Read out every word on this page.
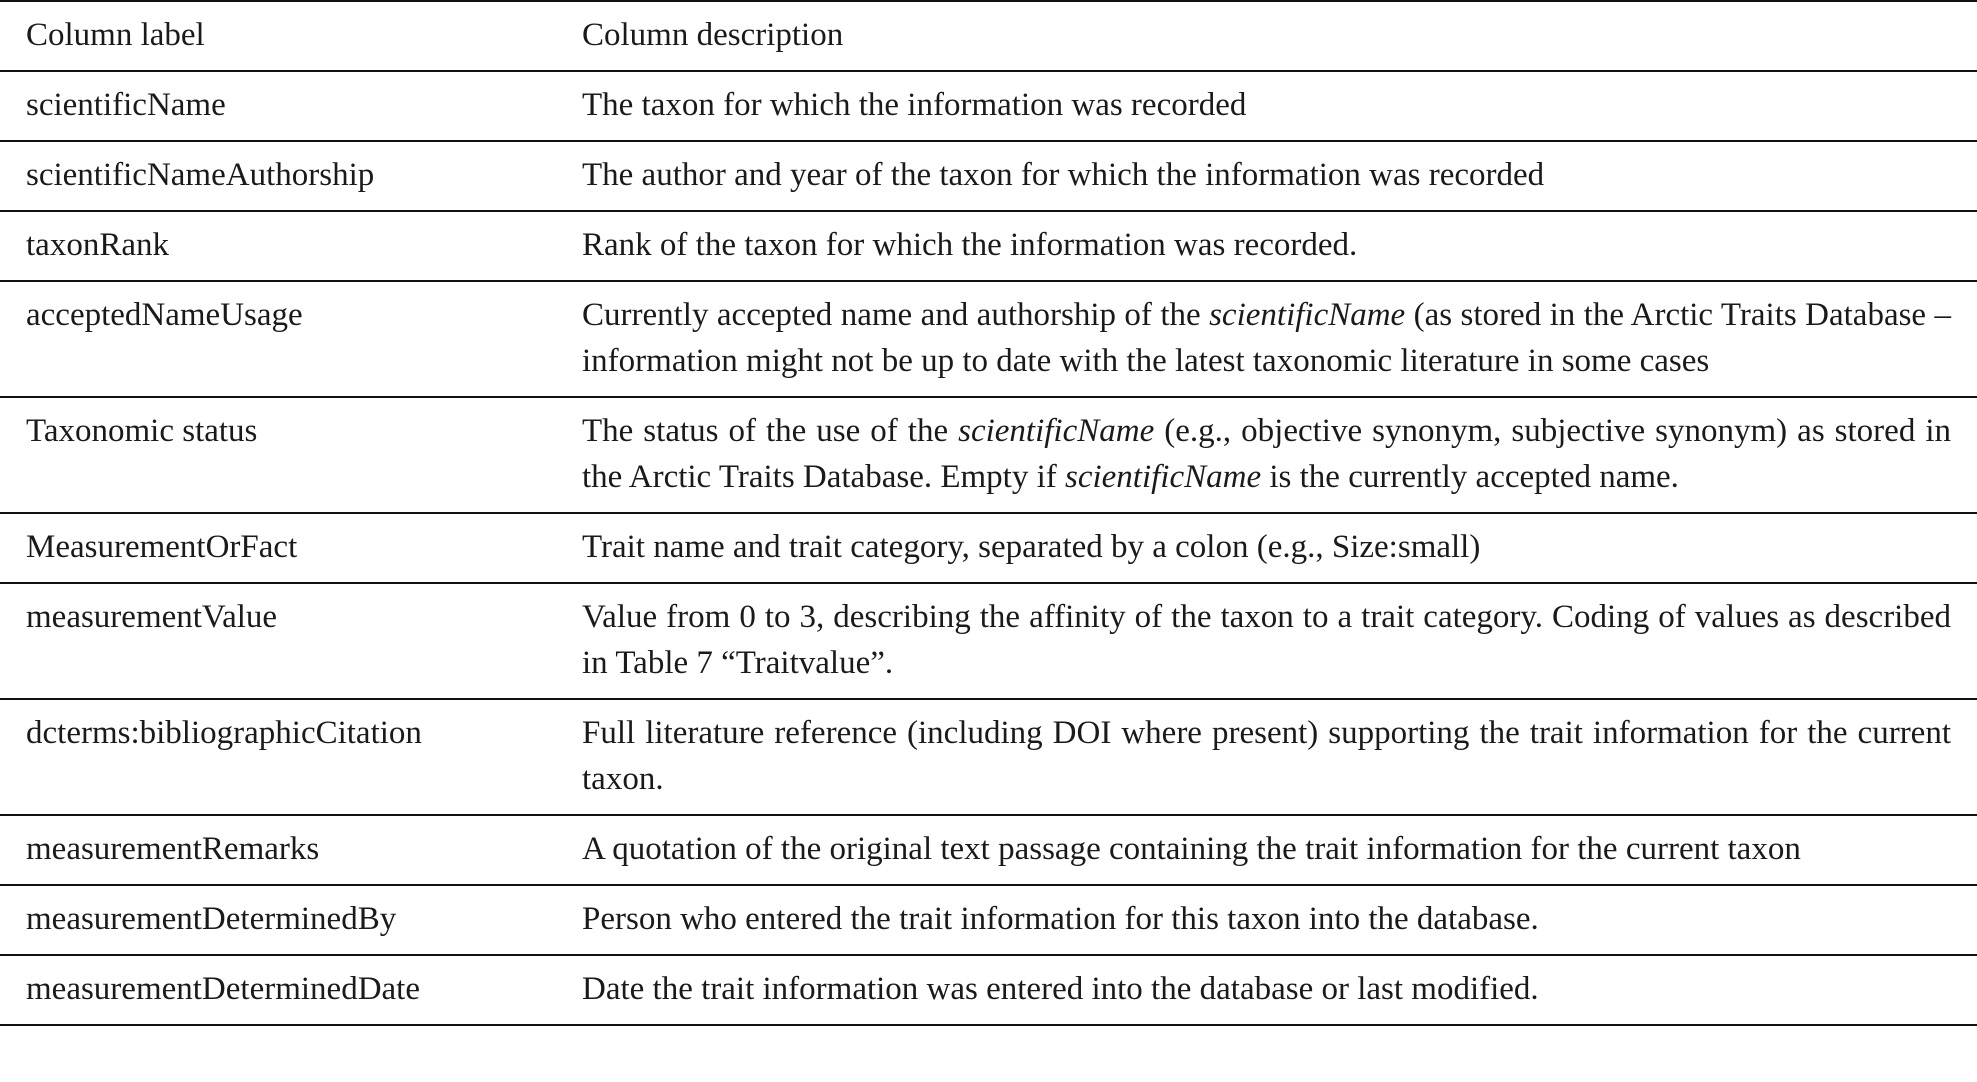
Column label	Column description
scientificName	The taxon for which the information was recorded
scientificNameAuthorship	The author and year of the taxon for which the information was recorded
taxonRank	Rank of the taxon for which the information was recorded.
acceptedNameUsage	Currently accepted name and authorship of the scientificName (as stored in the Arctic Traits Database – information might not be up to date with the latest taxonomic literature in some cases
Taxonomic status	The status of the use of the scientificName (e.g., objective synonym, subjective synonym) as stored in the Arctic Traits Database. Empty if scientificName is the currently accepted name.
MeasurementOrFact	Trait name and trait category, separated by a colon (e.g., Size:small)
measurementValue	Value from 0 to 3, describing the affinity of the taxon to a trait category. Coding of values as described in Table 7 “Traitvalue”.
dcterms:bibliographicCitation	Full literature reference (including DOI where present) supporting the trait information for the current taxon.
measurementRemarks	A quotation of the original text passage containing the trait information for the current taxon
measurementDeterminedBy	Person who entered the trait information for this taxon into the database.
measurementDeterminedDate	Date the trait information was entered into the database or last modified.
